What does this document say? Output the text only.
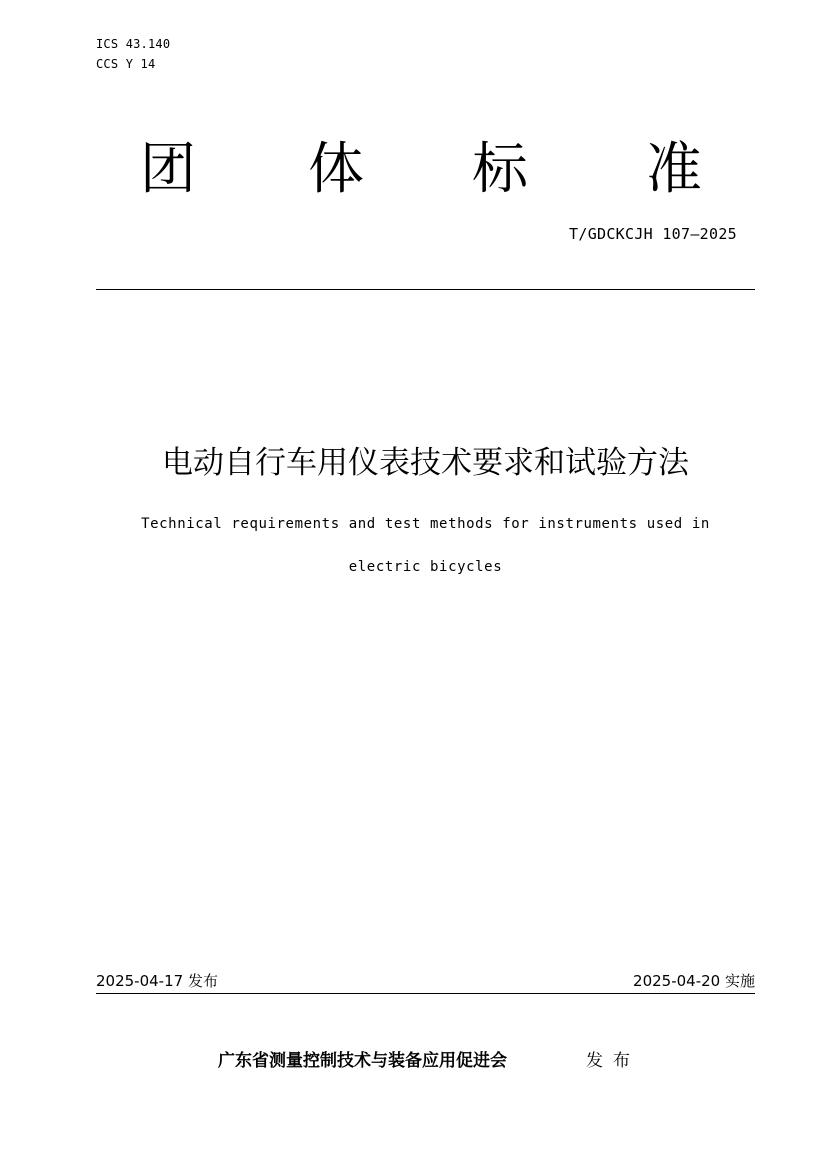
ICS 43.140
CCS Y 14
团 体 标 准
T/GDCKCJH 107—2025
电动自行车用仪表技术要求和试验方法
Technical requirements and test methods for instruments used in
electric bicycles
2025-04-17 发布	2025-04-20 实施
广东省测量控制技术与装备应用促进会	发布
